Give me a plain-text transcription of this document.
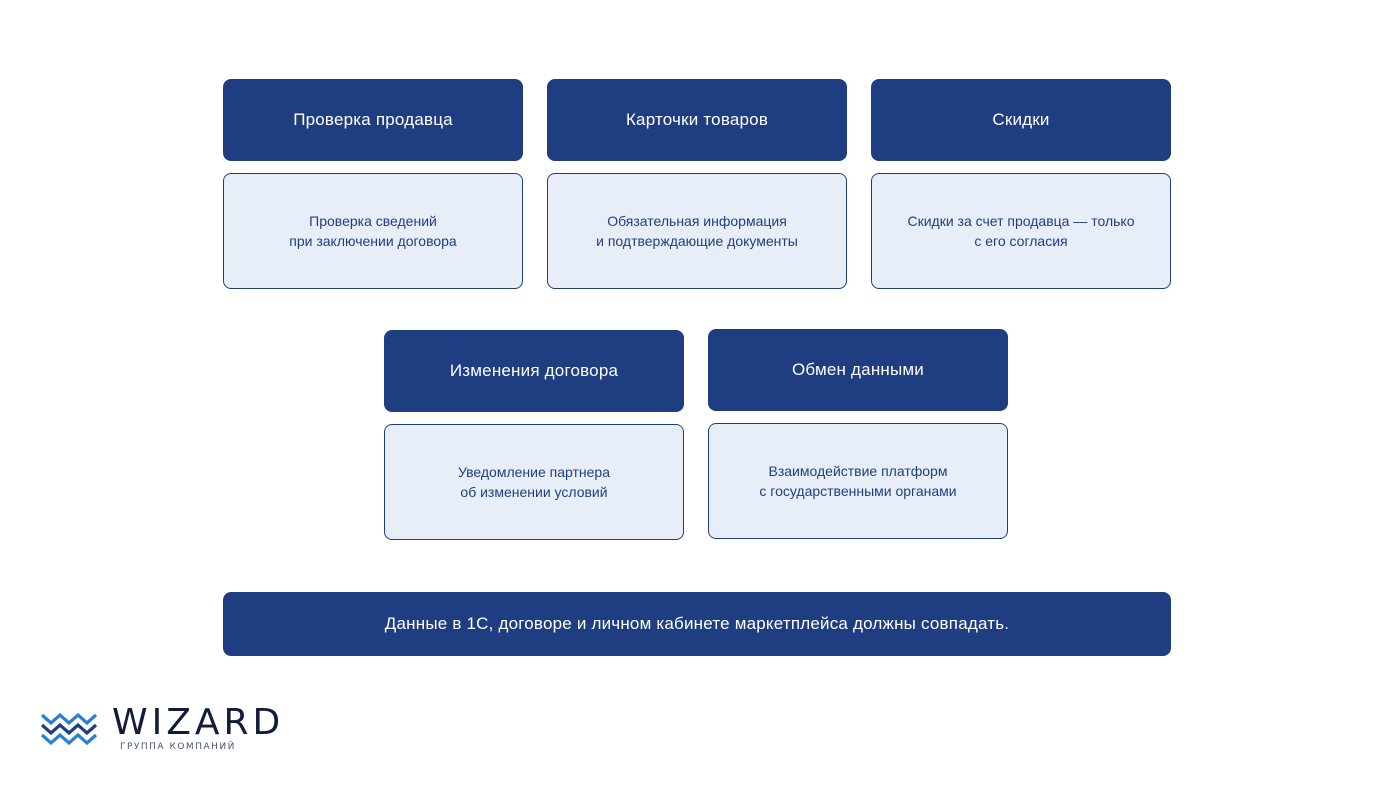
Проверка продавца
Проверка сведений
при заключении договора
Карточки товаров
Обязательная информация
и подтверждающие документы
Скидки
Скидки за счет продавца — только
с его согласия
Изменения договора
Уведомление партнера
об изменении условий
Обмен данными
Взаимодействие платформ
с государственными органами
Данные в 1С, договоре и личном кабинете маркетплейса должны совпадать.
WIZARD
ГРУППА КОМПАНИЙ
